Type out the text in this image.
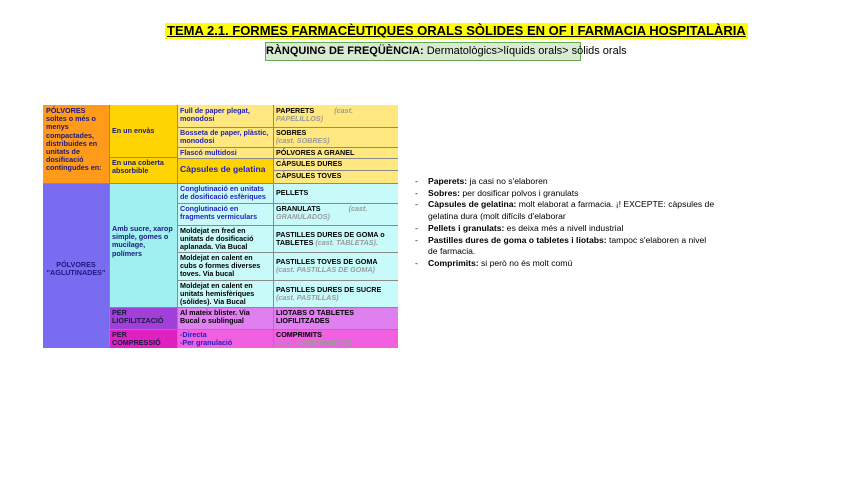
TEMA 2.1. FORMES FARMACÈUTIQUES ORALS SÒLIDES EN OF I FARMACIA HOSPITALÀRIA
RÀNQUING DE FREQÜÈNCIA: Dermatològics>líquids orals> sòlids orals
PÓLVORES soltes o més o menys compactades, distribuides en unitats de dosificació contingudes en:
PÓLVORES "AGLUTINADES"
En un envàs
En una coberta absorbible
Amb sucre, xarop simple, gomes o mucilage, polímers
PER LIOFILITZACIÓ
PER COMPRESSIÓ
Full de paper plegat, monodosi
Bosseta de paper, plàstic, monodosi
Flascó multidosi
Càpsules de gelatina
Conglutinació en unitats de dosificació esfèriques
Conglutinació en fragments vermiculars
Moldejat en fred en unitats de dosificació aplanada. Via Bucal
Moldejat en calent en cubs o formes diverses toves. Via bucal
Moldejat en calent en unitats hemisfèriques (sòlides). Via Bucal
Al mateix blister. Via Bucal o sublingual
-Directa
-Per granulació
PAPERETS	(cast. PAPELILLOS)
SOBRES
(cast. SOBRES)
PÓLVORES A GRANEL
CÀPSULES DURES
CÀPSULES TOVES
PELLETS
GRANULATS	(cast.
GRANULADOS)
PASTILLES DURES DE GOMA o TABLETES (cast. TABLETAS).
PASTILLES TOVES DE GOMA
(cast. PASTILLAS DE GOMA)
PASTILLES DURES DE SUCRE
(cast. PASTILLAS)
LIOTABS O TABLETES LIOFILITZADES
COMPRIMITS
(cast. COMPRIMIDOS)
- Paperets: ja casi no s'elaboren
- Sobres: per dosificar polvos i granulats
- Càpsules de gelatina: molt elaborat a farmacia. ¡! EXCEPTE: càpsules de gelatina dura (molt difícils d'elaborar
- Pellets i granulats: es deixa més a nivell industrial
- Pastilles dures de goma o tabletes i liotabs: tampoc s'elaboren a nivel de farmacia.
- Comprimits: si però no és molt comú
